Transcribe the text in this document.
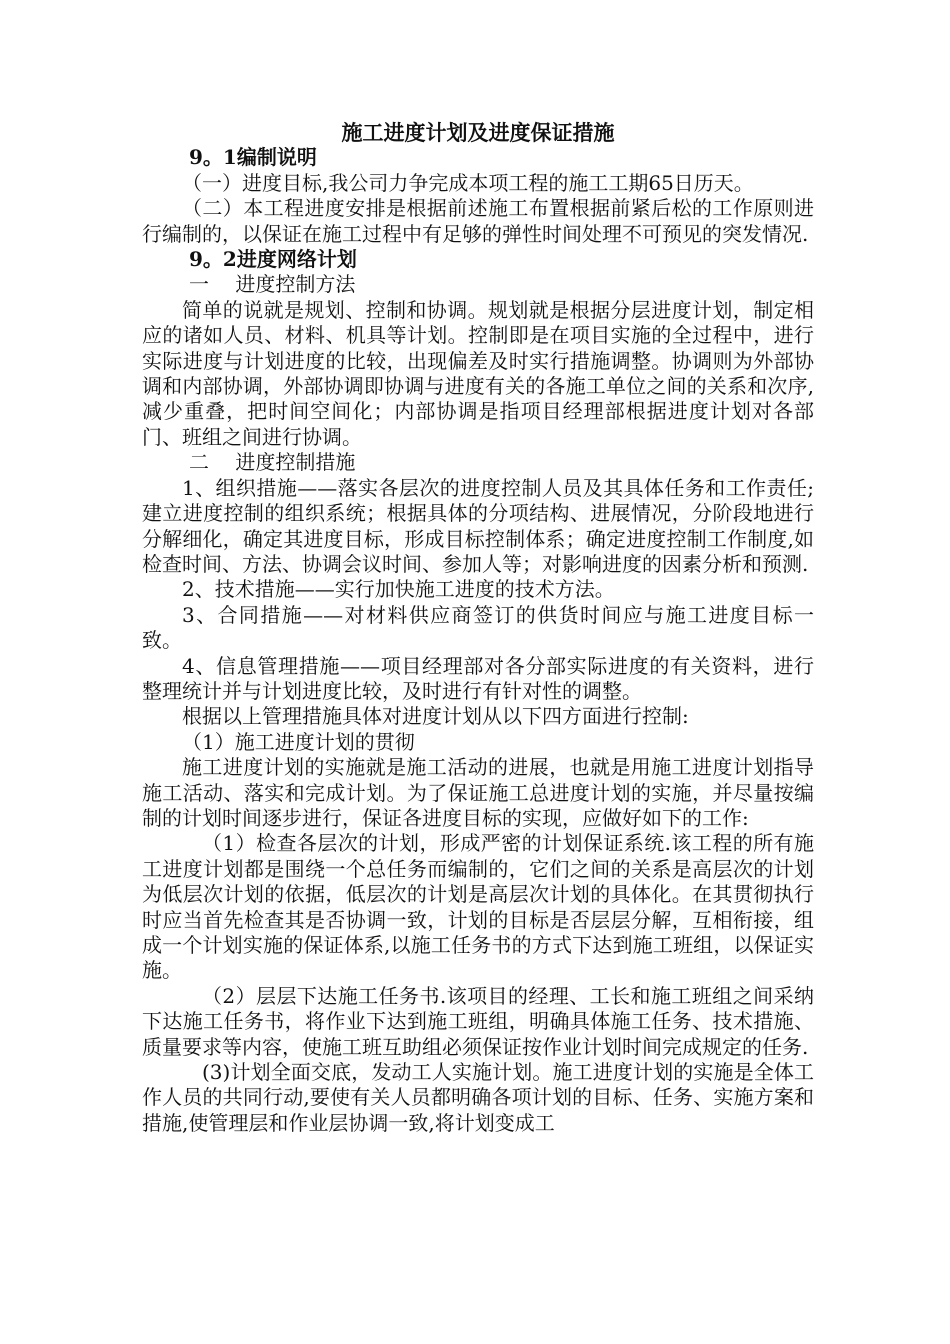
施工进度计划及进度保证措施
9。1编制说明

（一）进度目标,我公司力争完成本项工程的施工工期65日历天。

（二）本工程进度安排是根据前述施工布置根据前紧后松的工作原则进行编制的，以保证在施工过程中有足够的弹性时间处理不可预见的突发情况.

9。2进度网络计划
一　 进度控制方法

简单的说就是规划、控制和协调。规划就是根据分层进度计划，制定相应的诸如人员、材料、机具等计划。控制即是在项目实施的全过程中，进行实际进度与计划进度的比较，出现偏差及时实行措施调整。协调则为外部协调和内部协调，外部协调即协调与进度有关的各施工单位之间的关系和次序,减少重叠，把时间空间化；内部协调是指项目经理部根据进度计划对各部门、班组之间进行协调。

二　 进度控制措施

1、组织措施——落实各层次的进度控制人员及其具体任务和工作责任;建立进度控制的组织系统；根据具体的分项结构、进展情况，分阶段地进行分解细化，确定其进度目标，形成目标控制体系；确定进度控制工作制度,如检查时间、方法、协调会议时间、参加人等；对影响进度的因素分析和预测.

2、技术措施——实行加快施工进度的技术方法。

3、合同措施——对材料供应商签订的供货时间应与施工进度目标一致。

4、信息管理措施——项目经理部对各分部实际进度的有关资料，进行整理统计并与计划进度比较，及时进行有针对性的调整。

根据以上管理措施具体对进度计划从以下四方面进行控制:

（1）施工进度计划的贯彻

施工进度计划的实施就是施工活动的进展，也就是用施工进度计划指导施工活动、落实和完成计划。为了保证施工总进度计划的实施，并尽量按编制的计划时间逐步进行，保证各进度目标的实现，应做好如下的工作:

（1）检查各层次的计划，形成严密的计划保证系统.该工程的所有施工进度计划都是围绕一个总任务而编制的，它们之间的关系是高层次的计划为低层次计划的依据，低层次的计划是高层次计划的具体化。在其贯彻执行时应当首先检查其是否协调一致，计划的目标是否层层分解，互相衔接，组成一个计划实施的保证体系,以施工任务书的方式下达到施工班组，以保证实施。

（2）层层下达施工任务书.该项目的经理、工长和施工班组之间采纳下达施工任务书，将作业下达到施工班组，明确具体施工任务、技术措施、质量要求等内容，使施工班互助组必须保证按作业计划时间完成规定的任务.

(3)计划全面交底，发动工人实施计划。施工进度计划的实施是全体工作人员的共同行动,要使有关人员都明确各项计划的目标、任务、实施方案和措施,使管理层和作业层协调一致,将计划变成工
